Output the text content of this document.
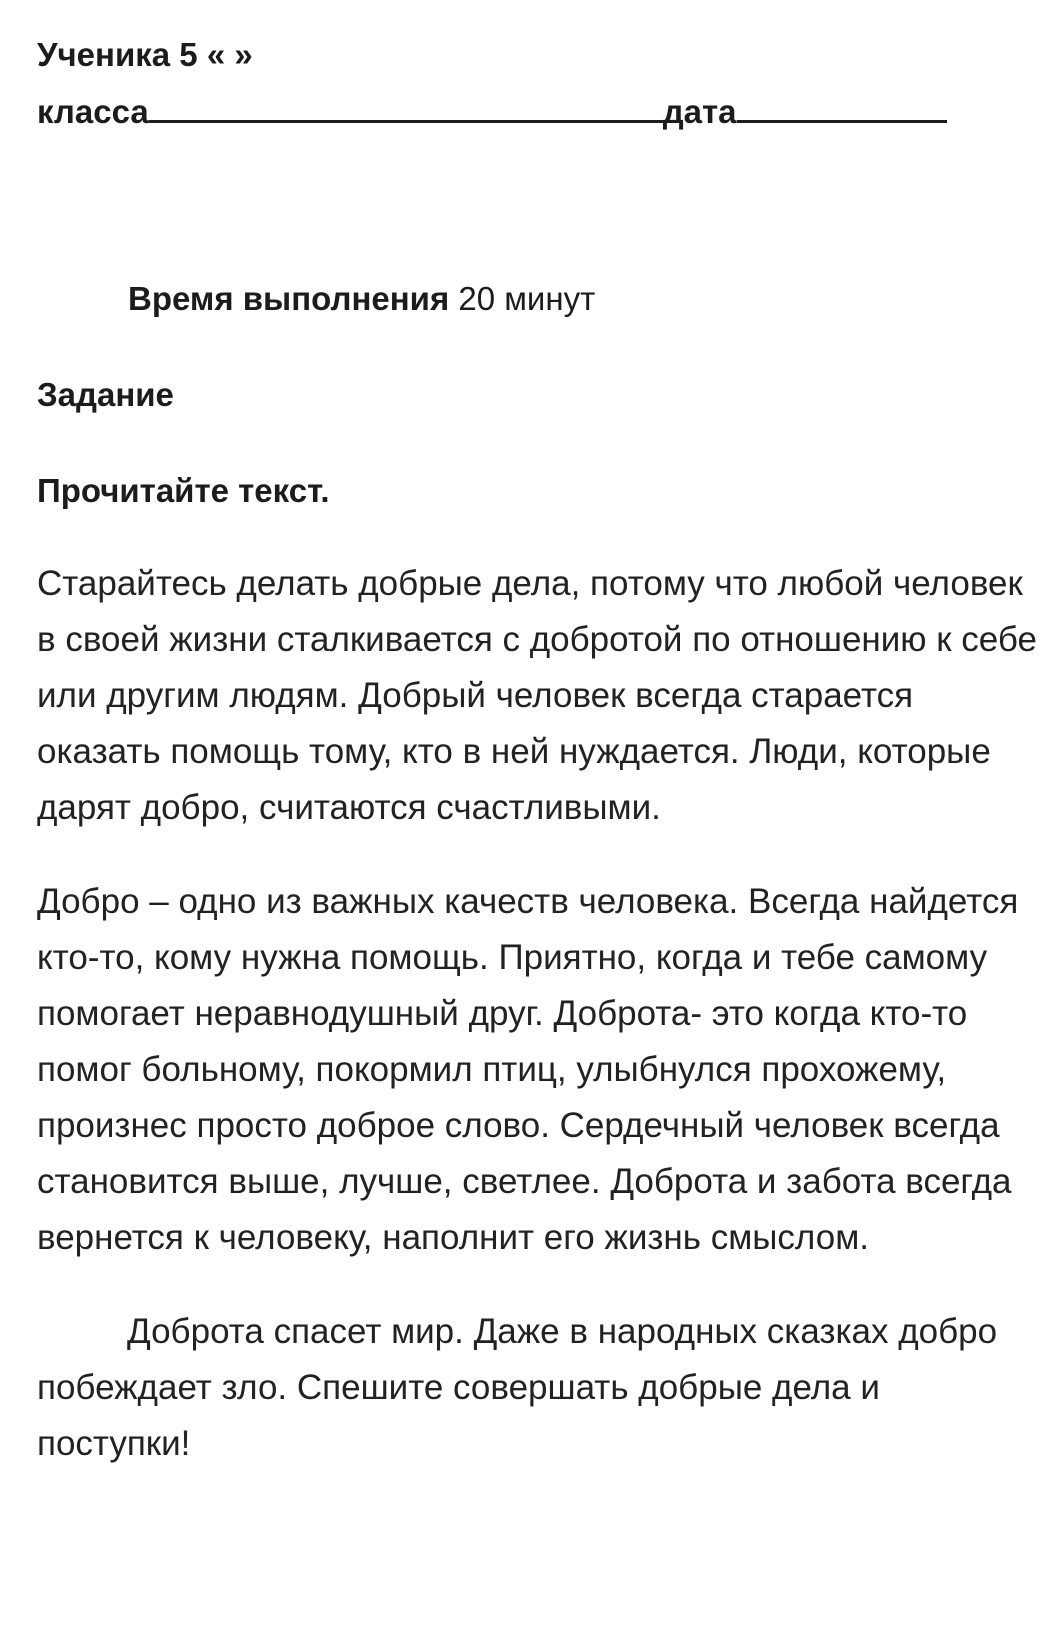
Ученика 5 « »
класса	дата
Время выполнения 20 минут
Задание
Прочитайте текст.

Старайтесь делать добрые дела, потому что любой человек в своей жизни сталкивается с добротой по отношению к себе или другим людям. Добрый человек всегда старается оказать помощь тому, кто в ней нуждается. Люди, которые дарят добро, считаются счастливыми.

Добро – одно из важных качеств человека. Всегда найдется кто-то, кому нужна помощь. Приятно, когда и тебе самому помогает неравнодушный друг. Доброта- это когда кто-то помог больному, покормил птиц, улыбнулся прохожему, произнес просто доброе слово. Сердечный человек всегда становится выше, лучше, светлее. Доброта и забота всегда вернется к человеку, наполнит его жизнь смыслом.

Доброта спасет мир. Даже в народных сказках добро побеждает зло. Спешите совершать добрые дела и поступки!
